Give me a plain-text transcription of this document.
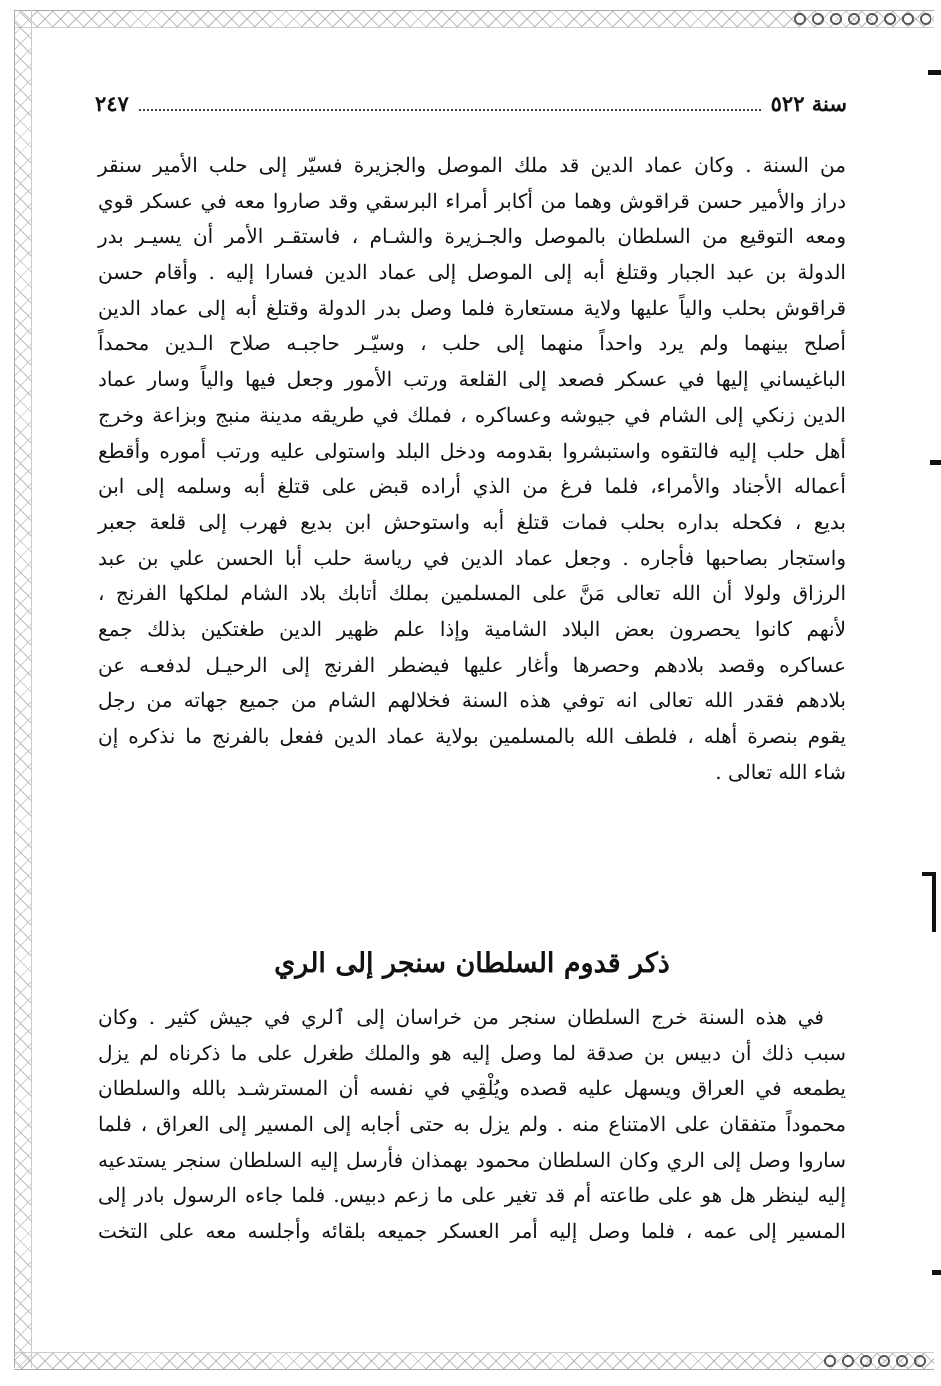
سنة ٥٢٢
٢٤٧
من السنة . وكان عماد الدين قد ملك الموصل والجزيرة فسيّر إلى حلب الأمير سنقر
دراز والأمير حسن قراقوش وهما من أكابر أمراء البرسقي وقد صاروا معه في عسكر قوي
ومعه التوقيع من السلطان بالموصل والجـزيرة والشـام ، فاستقـر الأمر أن يسيـر بدر
الدولة بن عبد الجبار وقتلغ أبه إلى الموصل إلى عماد الدين فسارا إليه . وأقام حسن
قراقوش بحلب والياً عليها ولاية مستعارة فلما وصل بدر الدولة وقتلغ أبه إلى عماد الدين
أصلح بينهما ولم يرد واحداً منهما إلى حلب ، وسيّـر حاجبـه صلاح الـدين محمداً
الباغيساني إليها في عسكر فصعد إلى القلعة ورتب الأمور وجعل فيها والياً وسار عماد
الدين زنكي إلى الشام في جيوشه وعساكره ، فملك في طريقه مدينة منبج وبزاعة وخرج
أهل حلب إليه فالتقوه واستبشروا بقدومه ودخل البلد واستولى عليه ورتب أموره وأقطع
أعماله الأجناد والأمراء، فلما فرغ من الذي أراده قبض على قتلغ أبه وسلمه إلى ابن
بديع ، فكحله بداره بحلب فمات قتلغ أبه واستوحش ابن بديع فهرب إلى قلعة جعبر
واستجار بصاحبها فأجاره . وجعل عماد الدين في رياسة حلب أبا الحسن علي بن عبد
الرزاق ولولا أن الله تعالى مَنَّ على المسلمين بملك أتابك بلاد الشام لملكها الفرنج ،
لأنهم كانوا يحصرون بعض البلاد الشامية وإذا علم ظهير الدين طغتكين بذلك جمع
عساكره وقصد بلادهم وحصرها وأغار عليها فيضطر الفرنج إلى الرحيـل لدفعـه عن
بلادهم فقدر الله تعالى انه توفي هذه السنة فخلالهم الشام من جميع جهاته من رجل
يقوم بنصرة أهله ، فلطف الله بالمسلمين بولاية عماد الدين ففعل بالفرنج ما نذكره إن
شاء الله تعالى .
ذكر قدوم السلطان سنجر إلى الري
في هذه السنة خرج السلطان سنجر من خراسان إلى ٱلري في جيش كثير . وكان
سبب ذلك أن دبيس بن صدقة لما وصل إليه هو والملك طغرل على ما ذكرناه لم يزل
يطمعه في العراق ويسهل عليه قصده ويُلْقِي في نفسه أن المسترشـد بالله والسلطان
محموداً متفقان على الامتناع منه . ولم يزل به حتى أجابه إلى المسير إلى العراق ، فلما
ساروا وصل إلى الري وكان السلطان محمود بهمذان فأرسل إليه السلطان سنجر يستدعيه
إليه لينظر هل هو على طاعته أم قد تغير على ما زعم دبيس. فلما جاءه الرسول بادر إلى
المسير إلى عمه ، فلما وصل إليه أمر العسكر جميعه بلقائه وأجلسه معه على التخت
